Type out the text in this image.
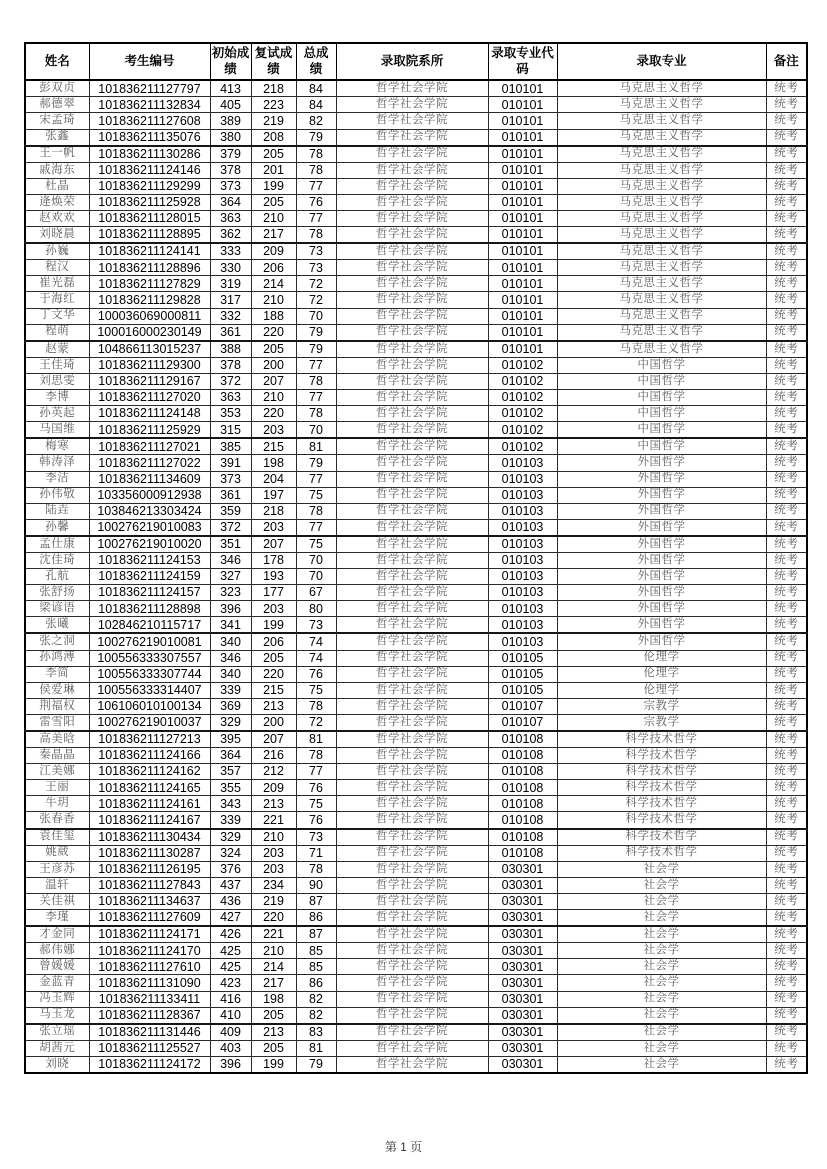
姓名	考生编号	初始成绩	复试成绩	总成绩	录取院系所	录取专业代码	录取专业	备注
彭双贞	101836211127797	413	218	84	哲学社会学院	010101	马克思主义哲学	统考
郝德翠	101836211132834	405	223	84	哲学社会学院	010101	马克思主义哲学	统考
宋孟琦	101836211127608	389	219	82	哲学社会学院	010101	马克思主义哲学	统考
张鑫	101836211135076	380	208	79	哲学社会学院	010101	马克思主义哲学	统考
王一帆	101836211130286	379	205	78	哲学社会学院	010101	马克思主义哲学	统考
戚海东	101836211124146	378	201	78	哲学社会学院	010101	马克思主义哲学	统考
杜晶	101836211129299	373	199	77	哲学社会学院	010101	马克思主义哲学	统考
逄焕荣	101836211125928	364	205	76	哲学社会学院	010101	马克思主义哲学	统考
赵欢欢	101836211128015	363	210	77	哲学社会学院	010101	马克思主义哲学	统考
刘晓晨	101836211128895	362	217	78	哲学社会学院	010101	马克思主义哲学	统考
孙巍	101836211124141	333	209	73	哲学社会学院	010101	马克思主义哲学	统考
程汉	101836211128896	330	206	73	哲学社会学院	010101	马克思主义哲学	统考
崔光磊	101836211127829	319	214	72	哲学社会学院	010101	马克思主义哲学	统考
于海红	101836211129828	317	210	72	哲学社会学院	010101	马克思主义哲学	统考
丁文华	100036069000811	332	188	70	哲学社会学院	010101	马克思主义哲学	统考
程萌	100016000230149	361	220	79	哲学社会学院	010101	马克思主义哲学	统考
赵蒙	104866113015237	388	205	79	哲学社会学院	010101	马克思主义哲学	统考
王佳琦	101836211129300	378	200	77	哲学社会学院	010102	中国哲学	统考
刘思雯	101836211129167	372	207	78	哲学社会学院	010102	中国哲学	统考
李博	101836211127020	363	210	77	哲学社会学院	010102	中国哲学	统考
孙英起	101836211124148	353	220	78	哲学社会学院	010102	中国哲学	统考
马国维	101836211125929	315	203	70	哲学社会学院	010102	中国哲学	统考
梅寒	101836211127021	385	215	81	哲学社会学院	010102	中国哲学	统考
韩涛泽	101836211127022	391	198	79	哲学社会学院	010103	外国哲学	统考
李洁	101836211134609	373	204	77	哲学社会学院	010103	外国哲学	统考
孙伟敬	103356000912938	361	197	75	哲学社会学院	010103	外国哲学	统考
陆垚	103846213303424	359	218	78	哲学社会学院	010103	外国哲学	统考
孙馨	100276219010083	372	203	77	哲学社会学院	010103	外国哲学	统考
孟仕康	100276219010020	351	207	75	哲学社会学院	010103	外国哲学	统考
沈佳琦	101836211124153	346	178	70	哲学社会学院	010103	外国哲学	统考
孔航	101836211124159	327	193	70	哲学社会学院	010103	外国哲学	统考
张舒扬	101836211124157	323	177	67	哲学社会学院	010103	外国哲学	统考
梁谚语	101836211128898	396	203	80	哲学社会学院	010103	外国哲学	统考
张曦	102846210115717	341	199	73	哲学社会学院	010103	外国哲学	统考
张之洞	100276219010081	340	206	74	哲学社会学院	010103	外国哲学	统考
孙鸿溥	100556333307557	346	205	74	哲学社会学院	010105	伦理学	统考
李简	100556333307744	340	220	76	哲学社会学院	010105	伦理学	统考
侯爱琳	100556333314407	339	215	75	哲学社会学院	010105	伦理学	统考
荆福权	106106010100134	369	213	78	哲学社会学院	010107	宗教学	统考
雷雪阳	100276219010037	329	200	72	哲学社会学院	010107	宗教学	统考
高美晗	101836211127213	395	207	81	哲学社会学院	010108	科学技术哲学	统考
秦晶晶	101836211124166	364	216	78	哲学社会学院	010108	科学技术哲学	统考
江美娜	101836211124162	357	212	77	哲学社会学院	010108	科学技术哲学	统考
王丽	101836211124165	355	209	76	哲学社会学院	010108	科学技术哲学	统考
牛玥	101836211124161	343	213	75	哲学社会学院	010108	科学技术哲学	统考
张春香	101836211124167	339	221	76	哲学社会学院	010108	科学技术哲学	统考
袁佳玺	101836211130434	329	210	73	哲学社会学院	010108	科学技术哲学	统考
姚葳	101836211130287	324	203	71	哲学社会学院	010108	科学技术哲学	统考
王彦苏	101836211126195	376	203	78	哲学社会学院	030301	社会学	统考
温轩	101836211127843	437	234	90	哲学社会学院	030301	社会学	统考
关佳祺	101836211134637	436	219	87	哲学社会学院	030301	社会学	统考
李瑾	101836211127609	427	220	86	哲学社会学院	030301	社会学	统考
才金同	101836211124171	426	221	87	哲学社会学院	030301	社会学	统考
郝伟娜	101836211124170	425	210	85	哲学社会学院	030301	社会学	统考
曾媛媛	101836211127610	425	214	85	哲学社会学院	030301	社会学	统考
金蓝青	101836211131090	423	217	86	哲学社会学院	030301	社会学	统考
冯玉辉	101836211133411	416	198	82	哲学社会学院	030301	社会学	统考
马玉龙	101836211128367	410	205	82	哲学社会学院	030301	社会学	统考
张立瑶	101836211131446	409	213	83	哲学社会学院	030301	社会学	统考
胡茜元	101836211125527	403	205	81	哲学社会学院	030301	社会学	统考
刘晓	101836211124172	396	199	79	哲学社会学院	030301	社会学	统考
第 1 页
